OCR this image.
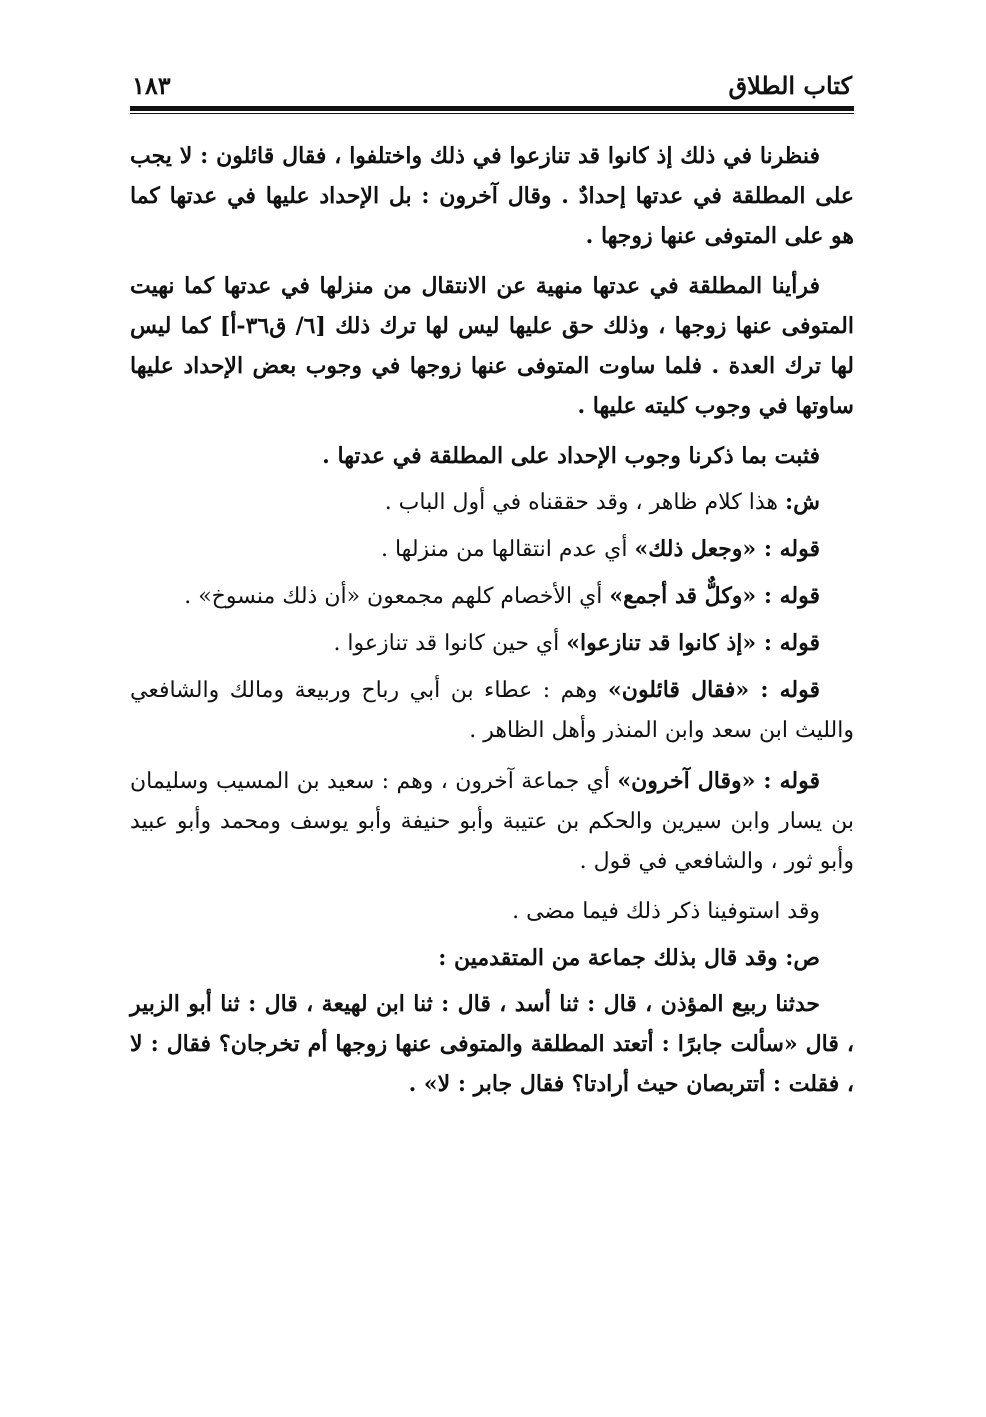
كتاب الطلاق
١٨٣

فنظرنا في ذلك إذ كانوا قد تنازعوا في ذلك واختلفوا ، فقال قائلون : لا يجب على المطلقة في عدتها إحدادٌ . وقال آخرون : بل الإحداد عليها في عدتها كما هو على المتوفى عنها زوجها .

فرأينا المطلقة في عدتها منهية عن الانتقال من منزلها في عدتها كما نهيت المتوفى عنها زوجها ، وذلك حق عليها ليس لها ترك ذلك [٦/ ق٣٦-أ] كما ليس لها ترك العدة . فلما ساوت المتوفى عنها زوجها في وجوب بعض الإحداد عليها ساوتها في وجوب كليته عليها .

فثبت بما ذكرنا وجوب الإحداد على المطلقة في عدتها .

ش: هذا كلام ظاهر ، وقد حققناه في أول الباب .

قوله : «وجعل ذلك» أي عدم انتقالها من منزلها .

قوله : «وكلٌّ قد أجمع» أي الأخصام كلهم مجمعون «أن ذلك منسوخ» .

قوله : «إذ كانوا قد تنازعوا» أي حين كانوا قد تنازعوا .

قوله : «فقال قائلون» وهم : عطاء بن أبي رباح وربيعة ومالك والشافعي والليث ابن سعد وابن المنذر وأهل الظاهر .

قوله : «وقال آخرون» أي جماعة آخرون ، وهم : سعيد بن المسيب وسليمان بن يسار وابن سيرين والحكم بن عتيبة وأبو حنيفة وأبو يوسف ومحمد وأبو عبيد وأبو ثور ، والشافعي في قول .

وقد استوفينا ذكر ذلك فيما مضى .

ص: وقد قال بذلك جماعة من المتقدمين :

حدثنا ربيع المؤذن ، قال : ثنا أسد ، قال : ثنا ابن لهيعة ، قال : ثنا أبو الزبير ، قال «سألت جابرًا : أتعتد المطلقة والمتوفى عنها زوجها أم تخرجان؟ فقال : لا ، فقلت : أتتربصان حيث أرادتا؟ فقال جابر : لا» .
